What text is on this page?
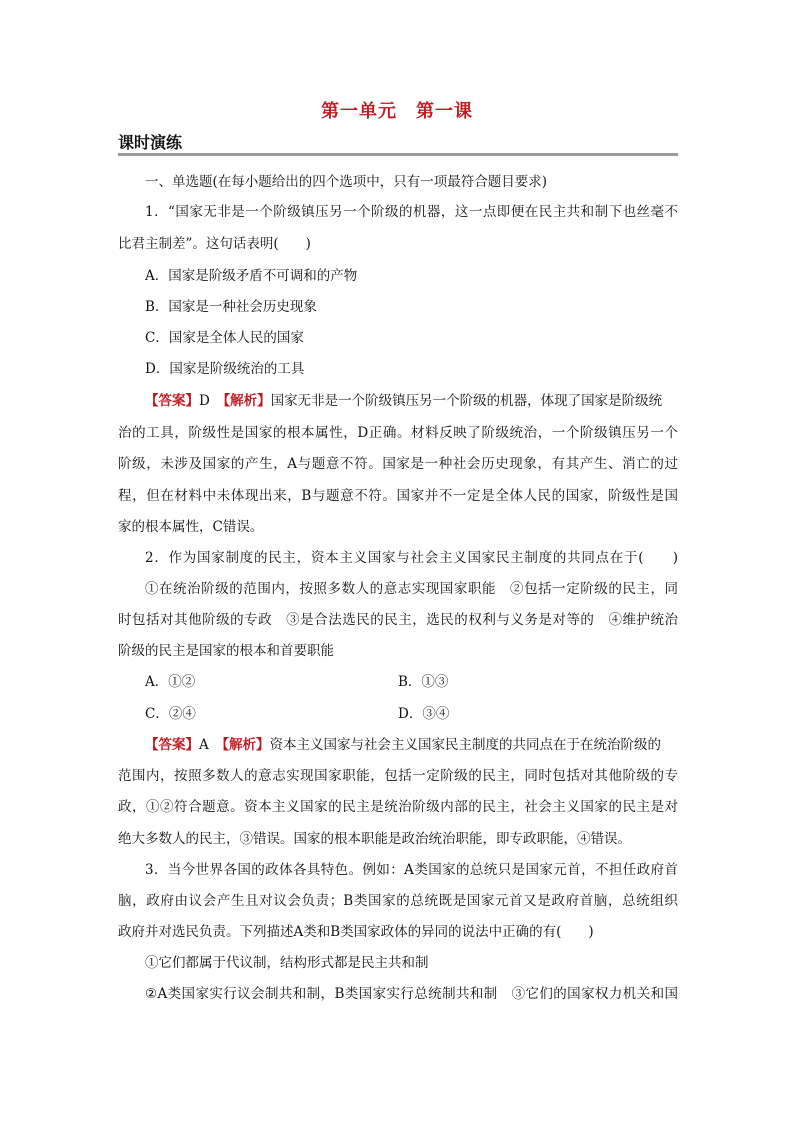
第一单元　第一课
课时演练
一、单选题(在每小题给出的四个选项中，只有一项最符合题目要求)
1．“国家无非是一个阶级镇压另一个阶级的机器，这一点即便在民主共和制下也丝毫不
比君主制差”。这句话表明(　　)
A．国家是阶级矛盾不可调和的产物
B．国家是一种社会历史现象
C．国家是全体人民的国家
D．国家是阶级统治的工具
【答案】D　 【解析】国家无非是一个阶级镇压另一个阶级的机器，体现了国家是阶级统
治的工具，阶级性是国家的根本属性，D正确。材料反映了阶级统治，一个阶级镇压另一个
阶级，未涉及国家的产生，A与题意不符。国家是一种社会历史现象，有其产生、消亡的过
程，但在材料中未体现出来，B与题意不符。国家并不一定是全体人民的国家，阶级性是国
家的根本属性，C错误。
2．作为国家制度的民主，资本主义国家与社会主义国家民主制度的共同点在于(　　)
①在统治阶级的范围内，按照多数人的意志实现国家职能　②包括一定阶级的民主，同
时包括对其他阶级的专政　③是合法选民的民主，选民的权利与义务是对等的　④维护统治
阶级的民主是国家的根本和首要职能
A．①②	B．①③
C．②④	D．③④
【答案】A　 【解析】资本主义国家与社会主义国家民主制度的共同点在于在统治阶级的
范围内，按照多数人的意志实现国家职能，包括一定阶级的民主，同时包括对其他阶级的专
政，①②符合题意。资本主义国家的民主是统治阶级内部的民主，社会主义国家的民主是对
绝大多数人的民主，③错误。国家的根本职能是政治统治职能，即专政职能，④错误。
3．当今世界各国的政体各具特色。例如：A类国家的总统只是国家元首，不担任政府首
脑，政府由议会产生且对议会负责；B类国家的总统既是国家元首又是政府首脑，总统组织
政府并对选民负责。下列描述A类和B类国家政体的异同的说法中正确的有(　　)
①它们都属于代议制，结构形式都是民主共和制
②A类国家实行议会制共和制，B类国家实行总统制共和制　③它们的国家权力机关和国
